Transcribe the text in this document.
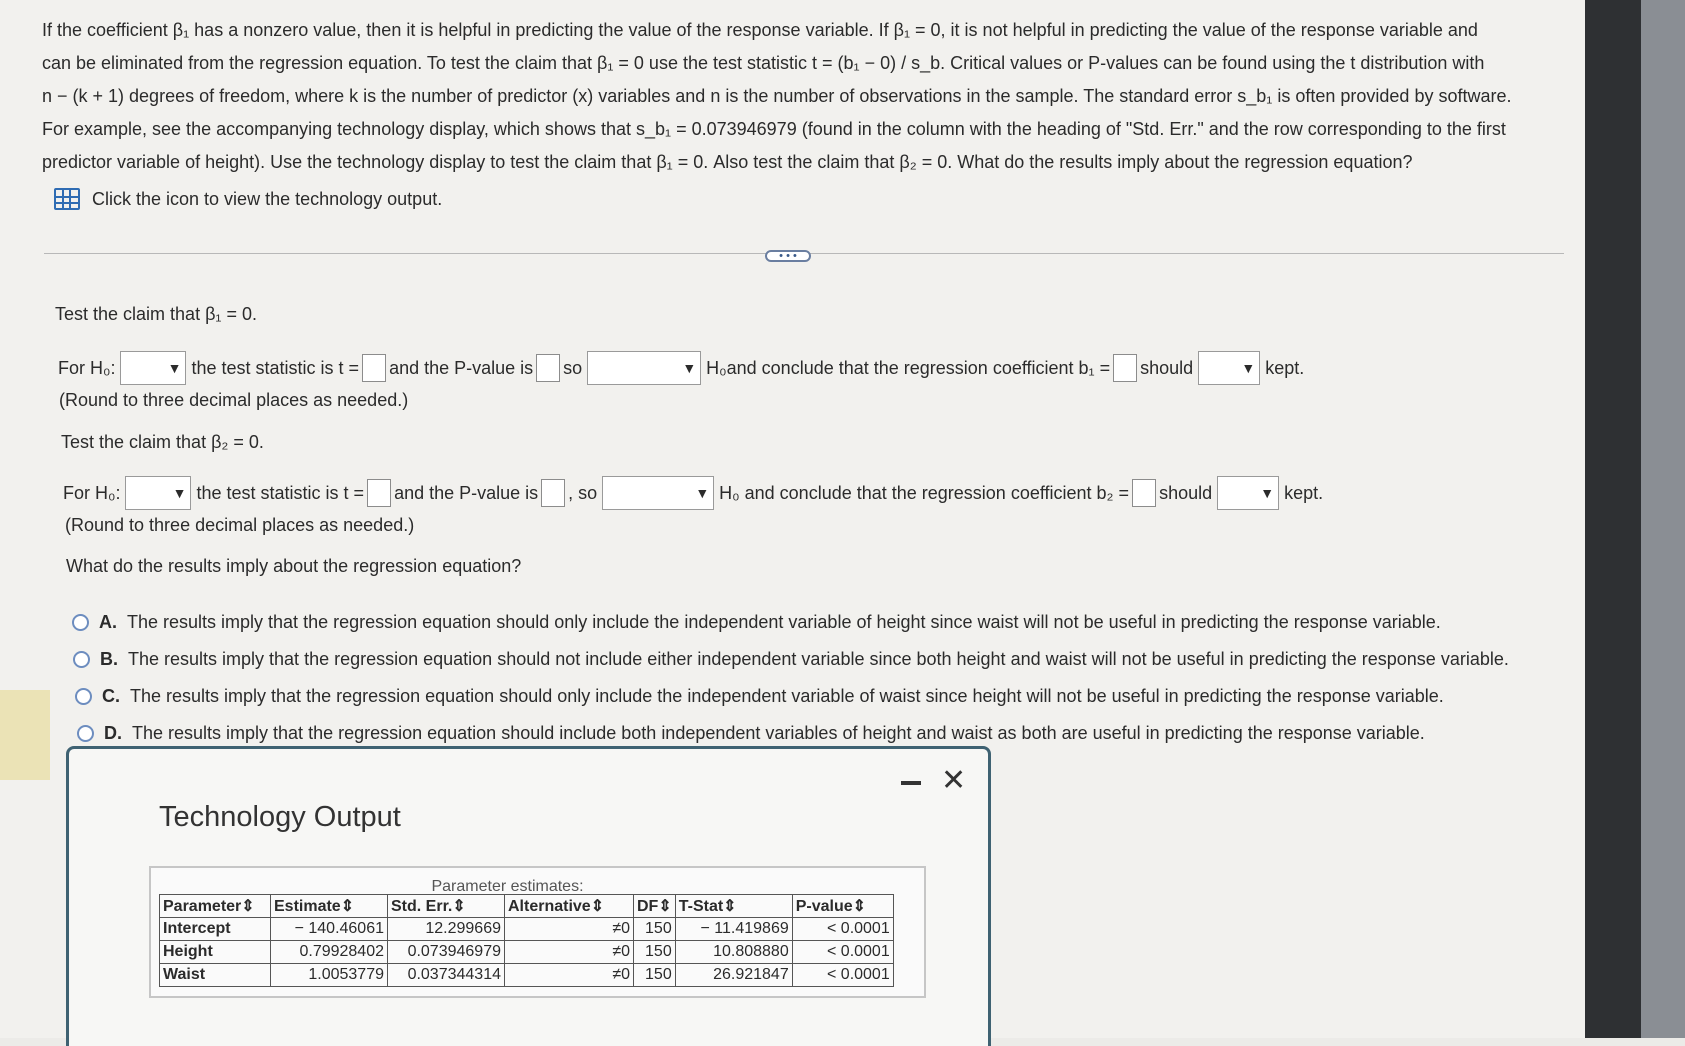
If the coefficient β₁ has a nonzero value, then it is helpful in predicting the value of the response variable. If β₁ = 0, it is not helpful in predicting the value of the response variable and

can be eliminated from the regression equation. To test the claim that β₁ = 0 use the test statistic t = (b₁ − 0) / s_b. Critical values or P-values can be found using the t distribution with

n − (k + 1) degrees of freedom, where k is the number of predictor (x) variables and n is the number of observations in the sample. The standard error s_b₁ is often provided by software.

For example, see the accompanying technology display, which shows that s_b₁ = 0.073946979 (found in the column with the heading of "Std. Err." and the row corresponding to the first

predictor variable of height). Use the technology display to test the claim that β₁ = 0. Also test the claim that β₂ = 0. What do the results imply about the regression equation?

Click the icon to view the technology output.
• • •
Test the claim that β₁ = 0.
For H₀:	▼ the test statistic is t = and the P-value is so	▼ H₀and conclude that the regression coefficient b₁ = should	▼ kept.
(Round to three decimal places as needed.)
Test the claim that β₂ = 0.
For H₀:	▼ the test statistic is t = and the P-value is , so	▼ H₀ and conclude that the regression coefficient b₂ = should	▼ kept.
(Round to three decimal places as needed.)
What do the results imply about the regression equation?
A. The results imply that the regression equation should only include the independent variable of height since waist will not be useful in predicting the response variable.
B. The results imply that the regression equation should not include either independent variable since both height and waist will not be useful in predicting the response variable.
C. The results imply that the regression equation should only include the independent variable of waist since height will not be useful in predicting the response variable.
D. The results imply that the regression equation should include both independent variables of height and waist as both are useful in predicting the response variable.
Technology Output
✕
Parameter estimates:
Parameter⇕	Estimate⇕	Std. Err.⇕	Alternative⇕	DF⇕	T-Stat⇕	P-value⇕
Intercept	− 140.46061	12.299669	≠0	150	− 11.419869	< 0.0001
Height	0.79928402	0.073946979	≠0	150	10.808880	< 0.0001
Waist	1.0053779	0.037344314	≠0	150	26.921847	< 0.0001
